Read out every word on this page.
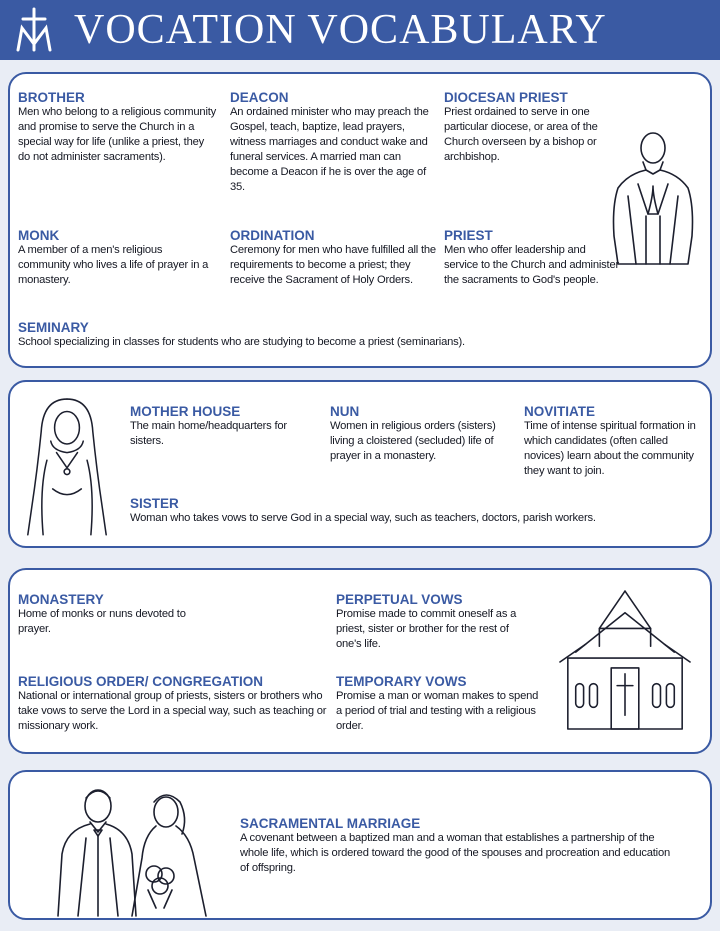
VOCATION VOCABULARY
BROTHER
Men who belong to a religious community and promise to serve the Church in a special way for life (unlike a priest, they do not administer sacraments).
DEACON
An ordained minister who may preach the Gospel, teach, baptize, lead prayers, witness marriages and conduct wake and funeral services. A married man can become a Deacon if he is over the age of 35.
DIOCESAN PRIEST
Priest ordained to serve in one particular diocese, or area of the Church overseen by a bishop or archbishop.
MONK
A member of a men's religious community who lives a life of prayer in a monastery.
ORDINATION
Ceremony for men who have fulfilled all the requirements to become a priest; they receive the Sacrament of Holy Orders.
PRIEST
Men who offer leadership and service to the Church and administer the sacraments to God's people.
SEMINARY
School specializing in classes for students who are studying to become a priest (seminarians).
MOTHER HOUSE
The main home/headquarters for sisters.
NUN
Women in religious orders (sisters) living a cloistered (secluded) life of prayer in a monastery.
NOVITIATE
Time of intense spiritual formation in which candidates (often called novices) learn about the community they want to join.
SISTER
Woman who takes vows to serve God in a special way, such as teachers, doctors, parish workers.
MONASTERY
Home of monks or nuns devoted to prayer.
PERPETUAL VOWS
Promise made to commit oneself as a priest, sister or brother for the rest of one's life.
RELIGIOUS ORDER/ CONGREGATION
National or international group of priests, sisters or brothers who take vows to serve the Lord in a special way, such as teaching or missionary work.
TEMPORARY VOWS
Promise a man or woman makes to spend a period of trial and testing with a religious order.
SACRAMENTAL MARRIAGE
A covenant between a baptized man and a woman that establishes a partnership of the whole life, which is ordered toward the good of the spouses and procreation and education of offspring.
